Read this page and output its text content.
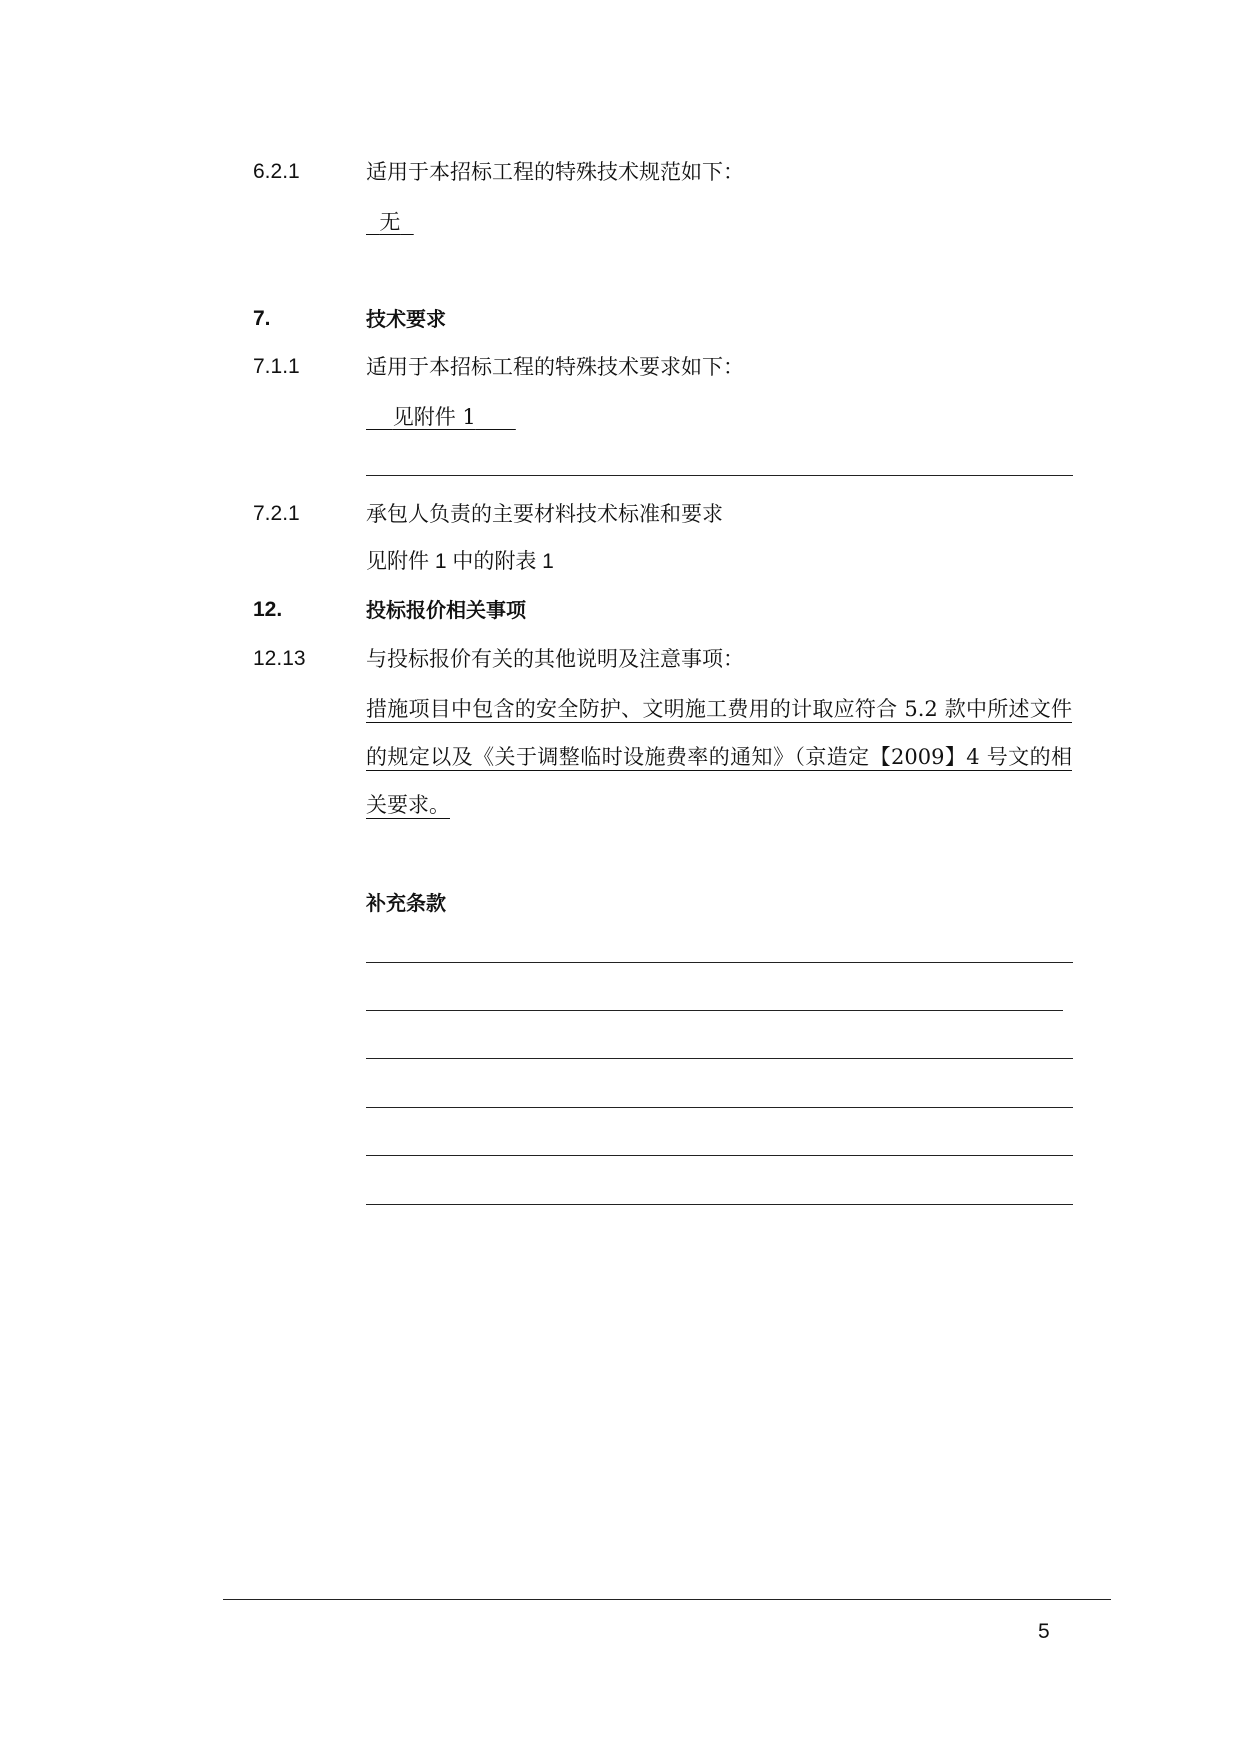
6.2.1	适用于本招标工程的特殊技术规范如下：
无
7.	技术要求
7.1.1	适用于本招标工程的特殊技术要求如下：
见附件 1
7.2.1	承包人负责的主要材料技术标准和要求
见附件 1 中的附表 1
12.	投标报价相关事项
12.13	与投标报价有关的其他说明及注意事项：
措施项目中包含的安全防护、文明施工费用的计取应符合 5.2 款中所述文件的规定以及《关于调整临时设施费率的通知》（京造定【2009】4 号文的相关要求。
补充条款
5
